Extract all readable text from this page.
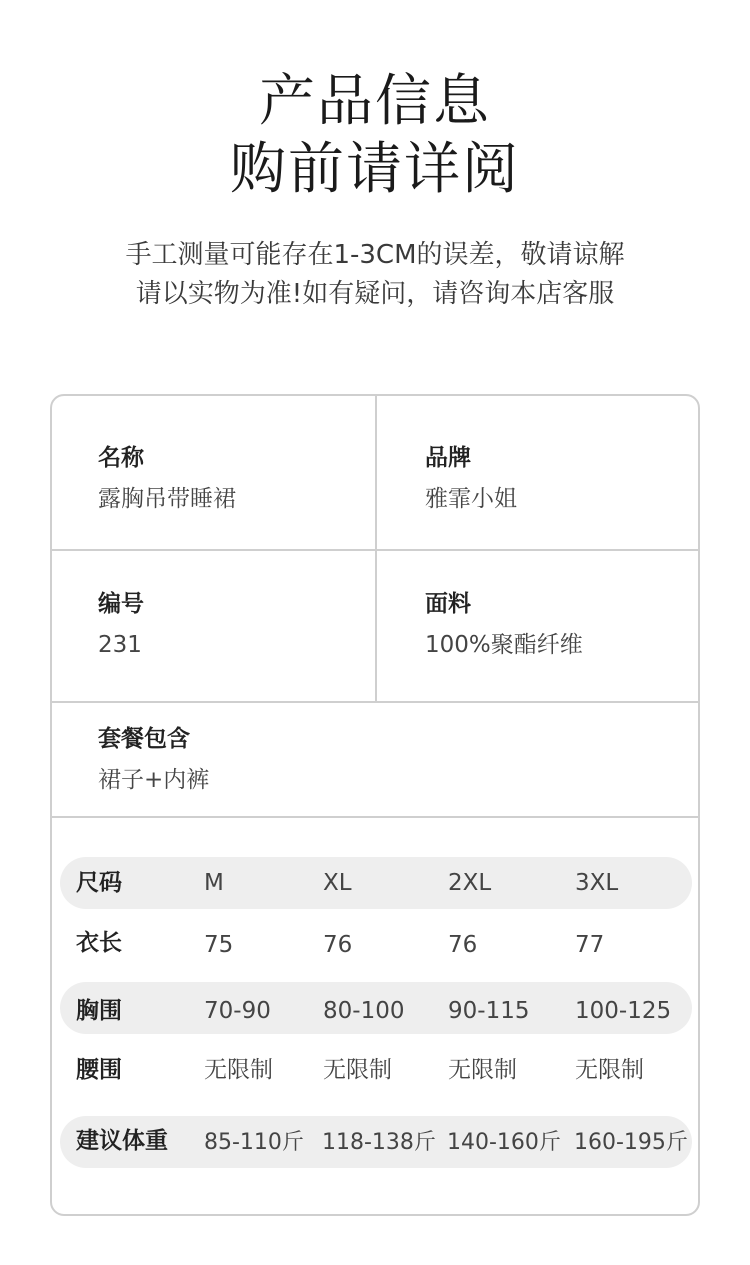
产品信息
购前请详阅
手工测量可能存在1-3CM的误差，敬请谅解
请以实物为准!如有疑问，请咨询本店客服
名称
露胸吊带睡裙
品牌
雅霏小姐
编号
231
面料
100%聚酯纤维
套餐包含
裙子+内裤
尺码	M	XL	2XL	3XL
衣长	75	76	76	77
胸围	70-90 80-100 90-115 100-125
腰围	无限制 无限制 无限制	无限制
建议体重 85-110斤 118-138斤 140-160斤 160-195斤
